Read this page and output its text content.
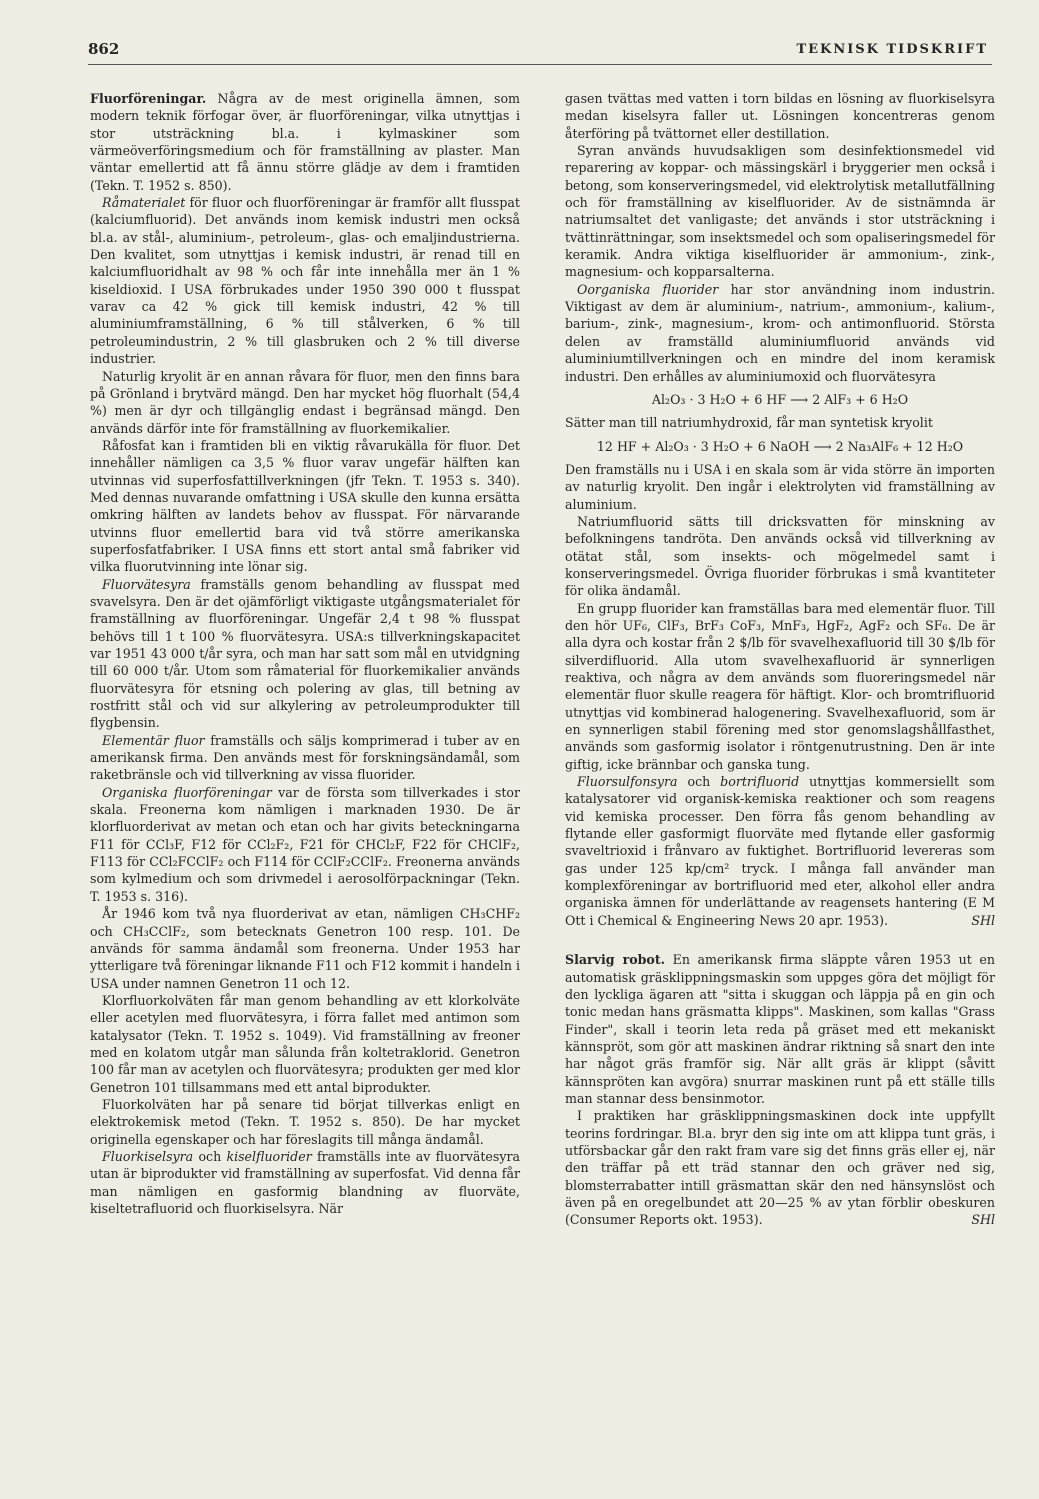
862	TEKNISK TIDSKRIFT

Fluorföreningar. Några av de mest originella ämnen, som modern teknik förfogar över, är fluorföreningar, vilka utnyttjas i stor utsträckning bl.a. i kylmaskiner som värmeöverföringsmedium och för framställning av plaster. Man väntar emellertid att få ännu större glädje av dem i framtiden (Tekn. T. 1952 s. 850).

Råmaterialet för fluor och fluorföreningar är framför allt flusspat (kalciumfluorid). Det används inom kemisk industri men också bl.a. av stål-, aluminium-, petroleum-, glas- och emaljindustrierna. Den kvalitet, som utnyttjas i kemisk industri, är renad till en kalciumfluoridhalt av 98 % och får inte innehålla mer än 1 % kiseldioxid. I USA förbrukades under 1950 390 000 t flusspat varav ca 42 % gick till kemisk industri, 42 % till aluminiumframställning, 6 % till stålverken, 6 % till petroleumindustrin, 2 % till glasbruken och 2 % till diverse industrier.

Naturlig kryolit är en annan råvara för fluor, men den finns bara på Grönland i brytvärd mängd. Den har mycket hög fluorhalt (54,4 %) men är dyr och tillgänglig endast i begränsad mängd. Den används därför inte för framställning av fluorkemikalier.

Råfosfat kan i framtiden bli en viktig råvarukälla för fluor. Det innehåller nämligen ca 3,5 % fluor varav ungefär hälften kan utvinnas vid superfosfattillverkningen (jfr Tekn. T. 1953 s. 340). Med dennas nuvarande omfattning i USA skulle den kunna ersätta omkring hälften av landets behov av flusspat. För närvarande utvinns fluor emellertid bara vid två större amerikanska superfosfatfabriker. I USA finns ett stort antal små fabriker vid vilka fluorutvinning inte lönar sig.

Fluorvätesyra framställs genom behandling av flusspat med svavelsyra. Den är det ojämförligt viktigaste utgångsmaterialet för framställning av fluorföreningar. Ungefär 2,4 t 98 % flusspat behövs till 1 t 100 % fluorvätesyra. USA:s tillverkningskapacitet var 1951 43 000 t/år syra, och man har satt som mål en utvidgning till 60 000 t/år. Utom som råmaterial för fluorkemikalier används fluorvätesyra för etsning och polering av glas, till betning av rostfritt stål och vid sur alkylering av petroleumprodukter till flygbensin.

Elementär fluor framställs och säljs komprimerad i tuber av en amerikansk firma. Den används mest för forskningsändamål, som raketbränsle och vid tillverkning av vissa fluorider.

Organiska fluorföreningar var de första som tillverkades i stor skala. Freonerna kom nämligen i marknaden 1930. De är klorfluorderivat av metan och etan och har givits beteckningarna F11 för CCl₃F, F12 för CCl₂F₂, F21 för CHCl₂F, F22 för CHClF₂, F113 för CCl₂FCClF₂ och F114 för CClF₂CClF₂. Freonerna används som kylmedium och som drivmedel i aerosolförpackningar (Tekn. T. 1953 s. 316).

År 1946 kom två nya fluorderivat av etan, nämligen CH₃CHF₂ och CH₃CClF₂, som betecknats Genetron 100 resp. 101. De används för samma ändamål som freonerna. Under 1953 har ytterligare två föreningar liknande F11 och F12 kommit i handeln i USA under namnen Genetron 11 och 12.

Klorfluorkolväten får man genom behandling av ett klorkolväte eller acetylen med fluorvätesyra, i förra fallet med antimon som katalysator (Tekn. T. 1952 s. 1049). Vid framställning av freoner med en kolatom utgår man sålunda från koltetraklorid. Genetron 100 får man av acetylen och fluorvätesyra; produkten ger med klor Genetron 101 tillsammans med ett antal biprodukter.

Fluorkolväten har på senare tid börjat tillverkas enligt en elektrokemisk metod (Tekn. T. 1952 s. 850). De har mycket originella egenskaper och har föreslagits till många ändamål.

Fluorkiselsyra och kiselfluorider framställs inte av fluorvätesyra utan är biprodukter vid framställning av superfosfat. Vid denna får man nämligen en gasformig blandning av fluorväte, kiseltetrafluorid och fluorkiselsyra. När

gasen tvättas med vatten i torn bildas en lösning av fluorkiselsyra medan kiselsyra faller ut. Lösningen koncentreras genom återföring på tvättornet eller destillation.

Syran används huvudsakligen som desinfektionsmedel vid reparering av koppar- och mässingskärl i bryggerier men också i betong, som konserveringsmedel, vid elektrolytisk metallutfällning och för framställning av kiselfluorider. Av de sistnämnda är natriumsaltet det vanligaste; det används i stor utsträckning i tvättinrättningar, som insektsmedel och som opaliseringsmedel för keramik. Andra viktiga kiselfluorider är ammonium-, zink-, magnesium- och kopparsalterna.

Oorganiska fluorider har stor användning inom industrin. Viktigast av dem är aluminium-, natrium-, ammonium-, kalium-, barium-, zink-, magnesium-, krom- och antimonfluorid. Största delen av framställd aluminiumfluorid används vid aluminiumtillverkningen och en mindre del inom keramisk industri. Den erhålles av aluminiumoxid och fluorvätesyra

Al₂O₃ · 3 H₂O + 6 HF ⟶ 2 AlF₃ + 6 H₂O

Sätter man till natriumhydroxid, får man syntetisk kryolit

12 HF + Al₂O₃ · 3 H₂O + 6 NaOH ⟶ 2 Na₃AlF₆ + 12 H₂O

Den framställs nu i USA i en skala som är vida större än importen av naturlig kryolit. Den ingår i elektrolyten vid framställning av aluminium.

Natriumfluorid sätts till dricksvatten för minskning av befolkningens tandröta. Den används också vid tillverkning av otätat stål, som insekts- och mögelmedel samt i konserveringsmedel. Övriga fluorider förbrukas i små kvantiteter för olika ändamål.

En grupp fluorider kan framställas bara med elementär fluor. Till den hör UF₆, ClF₃, BrF₃ CoF₃, MnF₃, HgF₂, AgF₂ och SF₆. De är alla dyra och kostar från 2 $/lb för svavelhexafluorid till 30 $/lb för silverdifluorid. Alla utom svavelhexafluorid är synnerligen reaktiva, och några av dem används som fluoreringsmedel när elementär fluor skulle reagera för häftigt. Klor- och bromtrifluorid utnyttjas vid kombinerad halogenering. Svavelhexafluorid, som är en synnerligen stabil förening med stor genomslagshållfasthet, används som gasformig isolator i röntgenutrustning. Den är inte giftig, icke brännbar och ganska tung.

Fluorsulfonsyra och bortrifluorid utnyttjas kommersiellt som katalysatorer vid organisk-kemiska reaktioner och som reagens vid kemiska processer. Den förra fås genom behandling av flytande eller gasformigt fluorväte med flytande eller gasformig svaveltrioxid i frånvaro av fuktighet. Bortrifluorid levereras som gas under 125 kp/cm² tryck. I många fall använder man komplexföreningar av bortrifluorid med eter, alkohol eller andra organiska ämnen för underlättande av reagensets hantering (E M Ott i Chemical & Engineering News 20 apr. 1953).	SHl

Slarvig robot. En amerikansk firma släppte våren 1953 ut en automatisk gräsklippningsmaskin som uppges göra det möjligt för den lyckliga ägaren att "sitta i skuggan och läppja på en gin och tonic medan hans gräsmatta klipps". Maskinen, som kallas "Grass Finder", skall i teorin leta reda på gräset med ett mekaniskt kännspröt, som gör att maskinen ändrar riktning så snart den inte har något gräs framför sig. När allt gräs är klippt (såvitt kännspröten kan avgöra) snurrar maskinen runt på ett ställe tills man stannar dess bensinmotor.

I praktiken har gräsklippningsmaskinen dock inte uppfyllt teorins fordringar. Bl.a. bryr den sig inte om att klippa tunt gräs, i utförsbackar går den rakt fram vare sig det finns gräs eller ej, när den träffar på ett träd stannar den och gräver ned sig, blomsterrabatter intill gräsmattan skär den ned hänsynslöst och även på en oregelbundet att 20—25 % av ytan förblir obeskuren (Consumer Reports okt. 1953).	SHl
